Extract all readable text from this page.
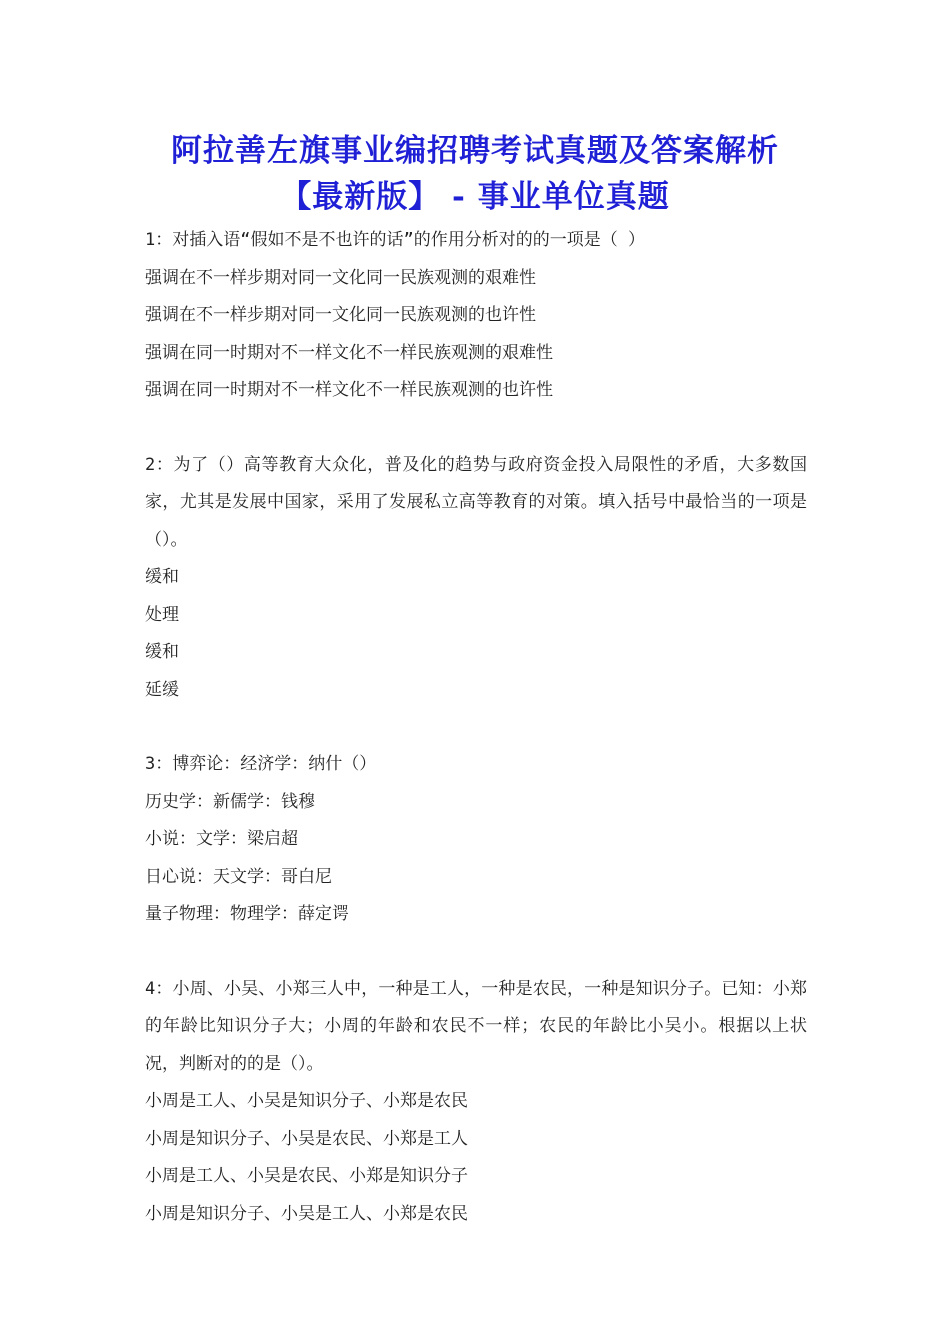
阿拉善左旗事业编招聘考试真题及答案解析【最新版】 - 事业单位真题

1：对插入语“假如不是不也许的话”的作用分析对的的一项是（ ）

强调在不一样步期对同一文化同一民族观测的艰难性

强调在不一样步期对同一文化同一民族观测的也许性

强调在同一时期对不一样文化不一样民族观测的艰难性

强调在同一时期对不一样文化不一样民族观测的也许性

2：为了（）高等教育大众化，普及化的趋势与政府资金投入局限性的矛盾，大多数国家，尤其是发展中国家，采用了发展私立高等教育的对策。填入括号中最恰当的一项是（）。

缓和

处理

缓和

延缓

3：博弈论：经济学：纳什（）

历史学：新儒学：钱穆

小说：文学：梁启超

日心说：天文学：哥白尼

量子物理：物理学：薛定谔

4：小周、小吴、小郑三人中，一种是工人，一种是农民，一种是知识分子。已知：小郑的年龄比知识分子大；小周的年龄和农民不一样；农民的年龄比小吴小。根据以上状况，判断对的的是（）。

小周是工人、小吴是知识分子、小郑是农民

小周是知识分子、小吴是农民、小郑是工人

小周是工人、小吴是农民、小郑是知识分子

小周是知识分子、小吴是工人、小郑是农民
